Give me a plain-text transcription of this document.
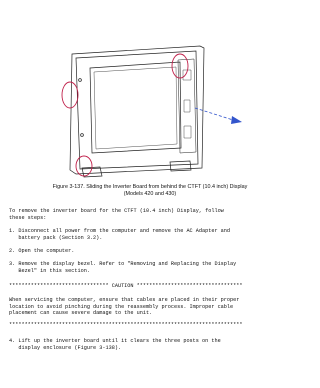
Figure 3-137. Sliding the Inverter Board from behind the CTFT (10.4 inch) Display
(Models 420 and 430)
To remove the inverter board for the CTFT (10.4 inch) Display, follow
these steps:
1. Disconnect all power from the computer and remove the AC Adapter and
battery pack (Section 3.2).
2. Open the computer.
3. Remove the display bezel. Refer to "Removing and Replacing the Display
Bezel" in this section.
******************************** CAUTION **********************************
When servicing the computer, ensure that cables are placed in their proper
location to avoid pinching during the reassembly process. Improper cable
placement can cause severe damage to the unit.
***************************************************************************
4. Lift up the inverter board until it clears the three posts on the
display enclosure (Figure 3-138).
